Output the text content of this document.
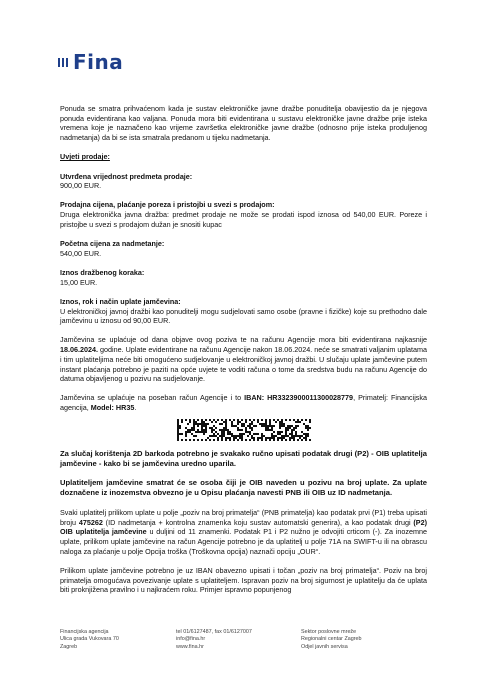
Fina

Ponuda se smatra prihvaćenom kada je sustav elektroničke javne dražbe ponuditelja obavijestio da je njegova ponuda evidentirana kao valjana. Ponuda mora biti evidentirana u sustavu elektroničke javne dražbe prije isteka vremena koje je naznačeno kao vrijeme završetka elektroničke javne dražbe (odnosno prije isteka produljenog nadmetanja) da bi se ista smatrala predanom u tijeku nadmetanja.

Uvjeti prodaje:

Utvrđena vrijednost predmeta prodaje:

900,00 EUR.

Prodajna cijena, plaćanje poreza i pristojbi u svezi s prodajom:

Druga elektronička javna dražba: predmet prodaje ne može se prodati ispod iznosa od 540,00 EUR. Poreze i pristojbe u svezi s prodajom dužan je snositi kupac

Početna cijena za nadmetanje:

540,00 EUR.

Iznos dražbenog koraka:

15,00 EUR.

Iznos, rok i način uplate jamčevina:

U elektroničkoj javnoj dražbi kao ponuditelji mogu sudjelovati samo osobe (pravne i fizičke) koje su prethodno dale jamčevinu u iznosu od 90,00 EUR.

Jamčevina se uplaćuje od dana objave ovog poziva te na računu Agencije mora biti evidentirana najkasnije 18.06.2024. godine. Uplate evidentirane na računu Agencije nakon 18.06.2024. neće se smatrati valjanim uplatama i tim uplatiteljima neće biti omogućeno sudjelovanje u elektroničkoj javnoj dražbi. U slučaju uplate jamčevine putem instant plaćanja potrebno je paziti na opće uvjete te voditi računa o tome da sredstva budu na računu Agencije do datuma objavljenog u pozivu na sudjelovanje.

Jamčevina se uplaćuje na poseban račun Agencije i to IBAN: HR3323900011300028779, Primatelj: Financijska agencija, Model: HR35.

Za slučaj korištenja 2D barkoda potrebno je svakako ručno upisati podatak drugi (P2) - OIB uplatitelja jamčevine - kako bi se jamčevina uredno uparila.

Uplatiteljem jamčevine smatrat će se osoba čiji je OIB naveden u pozivu na broj uplate. Za uplate doznačene iz inozemstva obvezno je u Opisu plaćanja navesti PNB ili OIB uz ID nadmetanja.

Svaki uplatitelj prilikom uplate u polje „poziv na broj primatelja“ (PNB primatelja) kao podatak prvi (P1) treba upisati broju 475262 (ID nadmetanja + kontrolna znamenka koju sustav automatski generira), a kao podatak drugi (P2) OIB uplatitelja jamčevine u duljini od 11 znamenki. Podatak P1 i P2 nužno je odvojiti crticom (-). Za inozemne uplate, prilikom uplate jamčevine na račun Agencije potrebno je da uplatitelj u polje 71A na SWIFT-u ili na obrascu naloga za plaćanje u polje Opcija troška (Troškovna opcija) naznači opciju „OUR“.

Prilikom uplate jamčevine potrebno je uz IBAN obavezno upisati i točan „poziv na broj primatelja“. Poziv na broj primatelja omogućava povezivanje uplate s uplatiteljem. Ispravan poziv na broj sigurnost je uplatitelju da će uplata biti proknjižena pravilno i u najkraćem roku. Primjer ispravno popunjenog

Financijska agencija
Ulica grada Vukovara 70
Zagreb
tel 01/6127487, fax 01/6127007
info@fina.hr
www.fina.hr
Sektor poslovne mreže
Regionalni centar Zagreb
Odjel javnih servisa
